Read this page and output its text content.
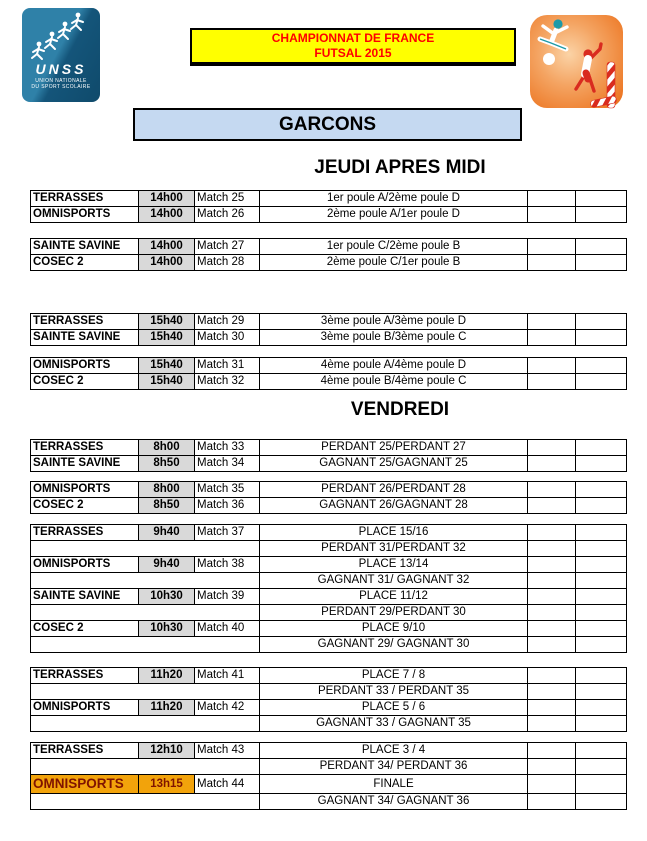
UNSS
UNION NATIONALE
DU SPORT SCOLAIRE
CHAMPIONNAT DE FRANCE
FUTSAL 2015
GARCONS
JEUDI APRES MIDI
TERRASSES	14h00	Match 25	1er poule A/2ème poule D		
OMNISPORTS	14h00	Match 26	2ème poule A/1er poule D		
SAINTE SAVINE	14h00	Match 27	1er poule C/2ème poule B		
COSEC 2	14h00	Match 28	2ème poule C/1er poule B		
TERRASSES	15h40	Match 29	3ème poule A/3ème poule D		
SAINTE SAVINE	15h40	Match 30	3ème poule B/3ème poule C		
OMNISPORTS	15h40	Match 31	4ème poule A/4ème poule D		
COSEC 2	15h40	Match 32	4ème poule B/4ème poule C		
VENDREDI
TERRASSES	8h00	Match 33	PERDANT 25/PERDANT 27		
SAINTE SAVINE	8h50	Match 34	GAGNANT 25/GAGNANT 25		
OMNISPORTS	8h00	Match 35	PERDANT 26/PERDANT 28		
COSEC 2	8h50	Match 36	GAGNANT 26/GAGNANT 28		
TERRASSES	9h40	Match 37	PLACE 15/16		
			PERDANT 31/PERDANT 32		
OMNISPORTS	9h40	Match 38	PLACE 13/14		
			GAGNANT 31/ GAGNANT 32		
SAINTE SAVINE	10h30	Match 39	PLACE 11/12		
			PERDANT 29/PERDANT 30		
COSEC 2	10h30	Match 40	PLACE 9/10		
			GAGNANT 29/ GAGNANT 30		
TERRASSES	11h20	Match 41	PLACE 7 / 8		
			PERDANT 33 / PERDANT 35		
OMNISPORTS	11h20	Match 42	PLACE 5 / 6		
			GAGNANT 33 / GAGNANT 35		
TERRASSES	12h10	Match 43	PLACE 3 / 4		
			PERDANT 34/ PERDANT 36		
OMNISPORTS	13h15	Match 44	FINALE		
			GAGNANT 34/ GAGNANT 36		
